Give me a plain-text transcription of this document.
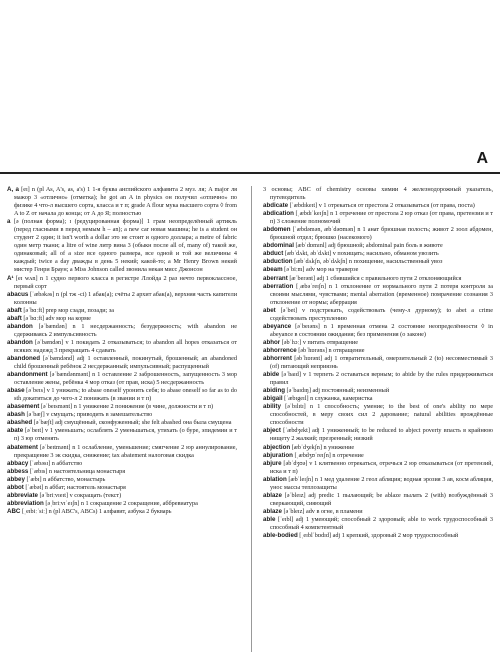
A

A, a [eɪ] n (pl As, A's, as, a's) 1 1-я буква английского алфавита 2 муз. ля; A major ля мажор 3 «отлично» (отметка); he got an A in physics он получил «отлично» по физике 4 что-л высшего сорта, класса и т п; grade A flour мука высшего сорта ◊ from A to Z от начала до конца; от А до Я; полностью

a [ə (полная форма); ɪ (редуцированная форма)] 1 грам неопределённый артикль (перед гласными в перед немым h – an); a new car новая машина; he is a student он студент 2 один; it isn't worth a dollar это не стоит и одного доллара; a metre of fabric один метр ткани; a litre of wine литр вина 3 (обыкн после all of, many of) такой же, одинаковый; all of a size все одного размера, все одной и той же величины 4 каждый; twice a day дважды в день 5 некий; какой-то; a Mr Henry Brown некий мистер Генри Браун; a Miss Johnson called звонила некая мисс Джонсон

A¹ [eɪ wʌn] n 1 судно первого класса в регистре Ллойда 2 раз нечто первоклассное, первый сорт

abacus [ˈæbəkəs] n (pl тж -ci) 1 абак(а); счёты 2 архит абак(а), верхняя часть капители колонны

abaft [əˈbɑːft] prep мор сзади, позади; за

abaft [əˈbɑːft] adv мор на корме

abandon [əˈbændən] n 1 несдержанность; безудержность; with abandon не сдерживаясь 2 импульсивность

abandon [əˈbændən] v 1 покидать 2 отказываться; to abandon all hopes отказаться от всяких надежд 3 прекращать 4 сдавать

abandoned [əˈbændənd] adj 1 оставленный, покинутый, брошенный; an abandoned child брошенный ребёнок 2 несдержанный; импульсивный; распущенный

abandonment [əˈbændənmənt] n 1 оставление 2 заброшенность, запущенность 3 мор оставление жены, ребёнка 4 мор отказ (от прав, иска) 5 несдержанность

abase [əˈbeɪs] v 1 унижать; to abase oneself уронить себя; to abase oneself so far as to do sth докатиться до чего-л 2 понижать (в звании и т п)

abasement [əˈbeɪsmənt] n 1 унижение 2 понижение (в чине, должности и т п)

abash [əˈbæʃ] v смущать; приводить в замешательство

abashed [əˈbæʃt] adj смущённый, сконфуженный; she felt abashed она была смущена

abate [əˈbeɪt] v 1 уменьшать; ослаблять 2 уменьшаться, утихать (о буре, эпидемии и т п) 3 юр отменять

abatement [əˈbeɪtmənt] n 1 ослабление, уменьшение; смягчение 2 юр аннулирование, прекращение 3 эк скидка, снижение; tax abatement налоговая скидка

abbacy [ˈæbəsɪ] n аббатство

abbess [ˈæbɪs] n настоятельница монастыря

abbey [ˈæbɪ] n аббатство, монастырь

abbot [ˈæbət] n аббат; настоятель монастыря

abbreviate [əˈbriːvɪeɪt] v сокращать (текст)

abbreviation [əˌbriːvɪˈeɪʃn] n 1 сокращение 2 сокращение, аббревиатура

ABC [ˌeɪbiːˈsiː] n (pl ABC's, ABCs) 1 алфавит, азбука 2 букварь

3 основы; ABC of chemistry основы химии 4 железнодорожный указатель, путеводитель

abdicate [ˈæbdɪkeɪt] v 1 отрекаться от престола 2 отказываться (от права, поста)

abdication [ˌæbdɪˈkeɪʃn] n 1 отречение от престола 2 юр отказ (от права, претензии и т п) 3 сложение полномочий

abdomen [ˈæbdəmən, æbˈdəʊmən] n 1 анат брюшная полость; живот 2 зоол абдомен, брюшной отдел; брюшко (насекомого)

abdominal [æbˈdɒmɪnl] adj брюшной; abdominal pain боль в животе

abduct [æbˈdʌkt, əbˈdʌkt] v похищать; насильно, обманом увозить

abduction [æbˈdʌkʃn, əbˈdʌkʃn] n похищение, насильственный увоз

abeam [əˈbiːm] adv мор на траверзе

aberrant [æˈberənt] adj 1 сбившийся с правильного пути 2 отклоняющийся

aberration [ˌæbəˈreɪʃn] n 1 отклонение от нормального пути 2 потеря контроля за своими мыслями, чувствами; mental aberration (временное) помрачение сознания 3 отклонение от нормы; аберрация

abet [əˈbet] v подстрекать, содействовать (чему-л дурному); to abet a crime содействовать преступлению

abeyance [əˈbeɪəns] n 1 временная отмена 2 состояние неопределённости ◊ in abeyance в состоянии ожидания; без применения (о законе)

abhor [əbˈhɔː] v питать отвращение

abhorrence [əbˈhɒrəns] n отвращение

abhorrent [əbˈhɒrənt] adj 1 отвратительный, омерзительный 2 (to) несовместимый 3 (of) питающий неприязнь

abide [əˈbaɪd] v 1 терпеть 2 оставаться верным; to abide by the rules придерживаться правил

abiding [əˈbaɪdɪŋ] adj постоянный; неизменный

abigail [ˈæbɪgeɪl] n служанка, камеристка

ability [əˈbɪlɪtɪ] n 1 способность; умение; to the best of one's ability по мере способностей, в меру своих сил 2 дарование; natural abilities врождённые способности

abject [ˈæbdʒekt] adj 1 униженный; to be reduced to abject poverty впасть в крайнюю нищету 2 жалкий; презренный; низкий

abjection [æbˈdʒekʃn] n унижение

abjuration [ˌæbdʒʊˈreɪʃn] n отречение

abjure [əbˈdʒʊə] v 1 клятвенно отрекаться, отречься 2 юр отказываться (от претензий, иска и т п)

ablation [æbˈleɪʃn] n 1 мед удаление 2 геол абляция; водная эрозия 3 ав, косм абляция, унос массы теплозащиты

ablaze [əˈbleɪz] adj predic 1 пылающий; be ablaze пылать 2 (with) возбуждённый 3 сверкающий, сияющий

ablaze [əˈbleɪz] adv в огне, в пламени

able [ˈeɪbl] adj 1 умеющий; способный 2 здоровый; able to work трудоспособный 3 способный 4 компетентный

able-bodied [ˌeɪblˈbɒdɪd] adj 1 крепкий, здоровый 2 мор трудоспособный
